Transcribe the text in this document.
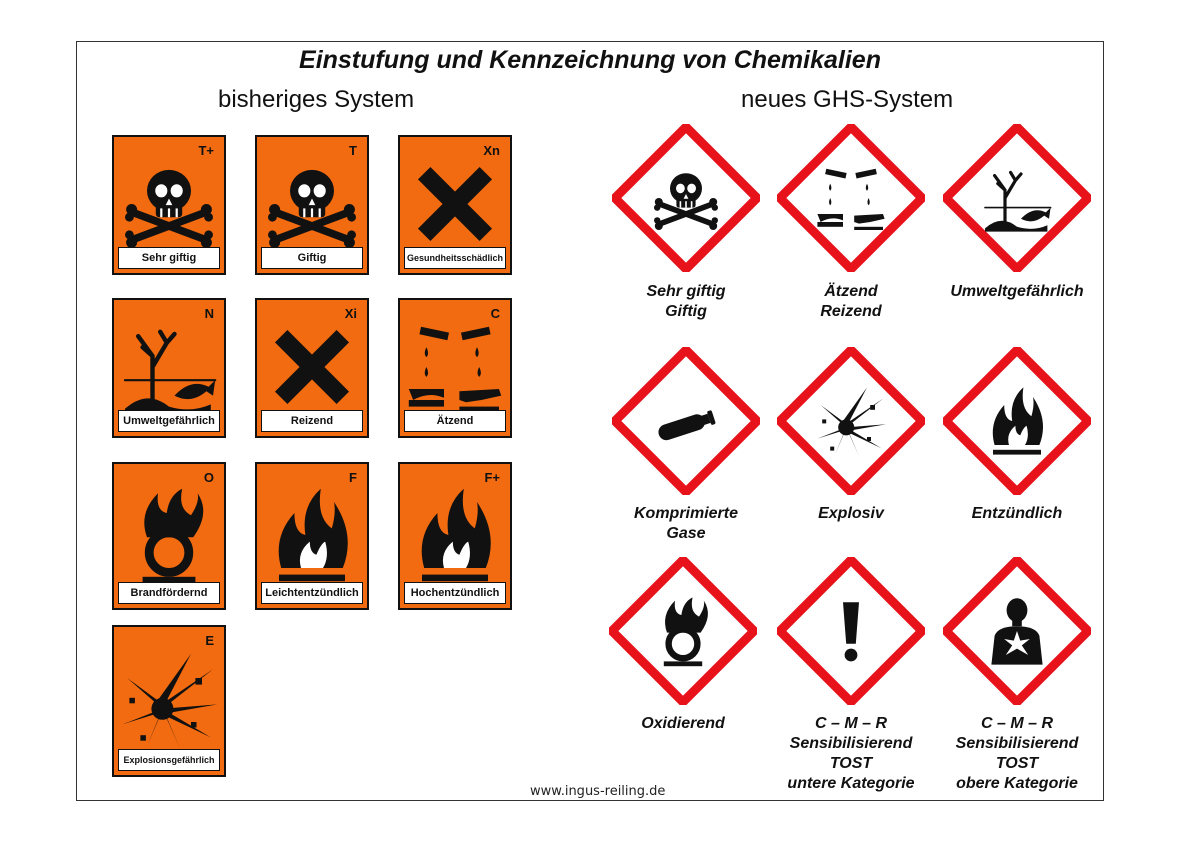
Einstufung und Kennzeichnung von Chemikalien
bisheriges System	neues GHS-System
T+
Sehr giftig
T
Giftig
Xn
Gesundheitsschädlich
N
Umweltgefährlich
Xi
Reizend
C
Ätzend
O
Brandfördernd
F
Leichtentzündlich
F+
Hochentzündlich
E
Explosionsgefährlich
Sehr giftig
Giftig
Ätzend
Reizend
Umweltgefährlich
Komprimierte
Gase
Explosiv	Entzündlich
Oxidierend	C – M – R
Sensibilisierend
TOST
untere Kategorie
C – M – R
Sensibilisierend
TOST
obere Kategorie
www.ingus-reiling.de
